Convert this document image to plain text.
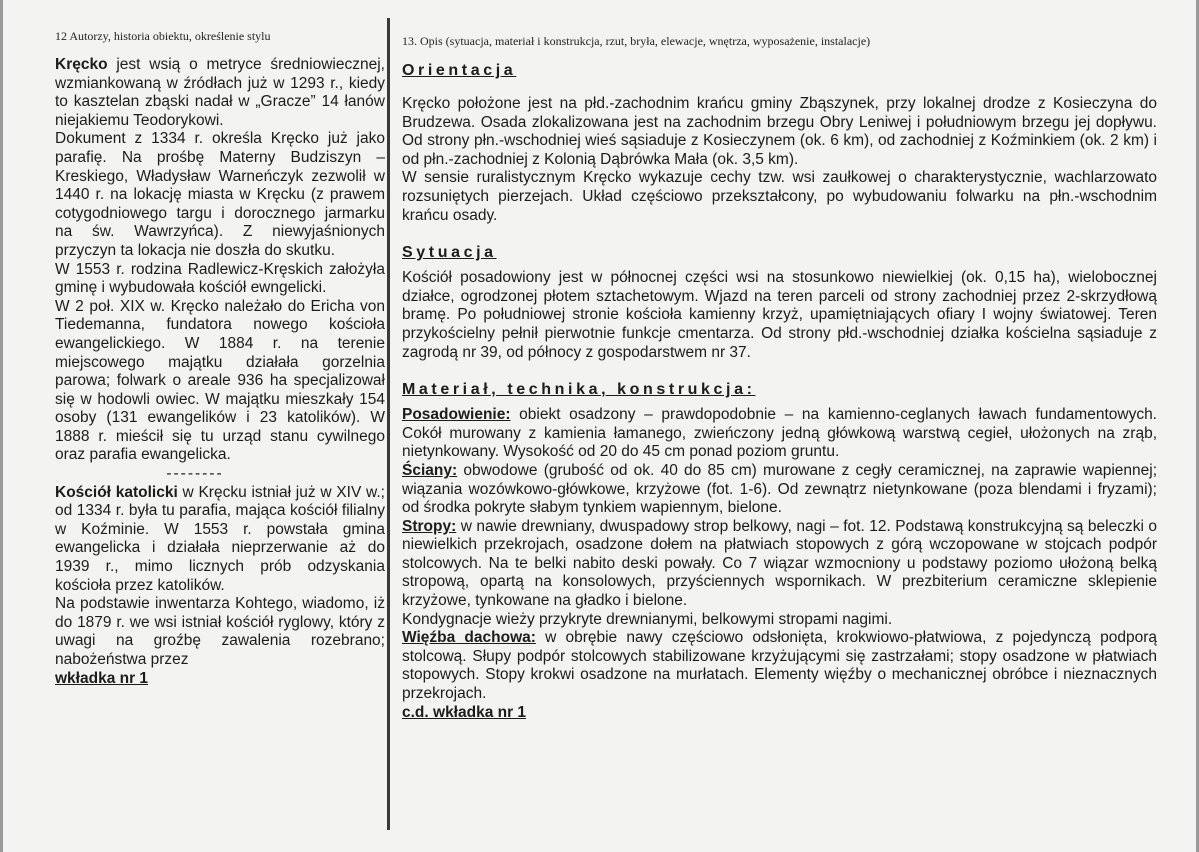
12 Autorzy, historia obiektu, określenie stylu

Kręcko jest wsią o metryce średniowiecznej, wzmiankowaną w źródłach już w 1293 r., kiedy to kasztelan zbąski nadał w „Gracze” 14 łanów niejakiemu Teodorykowi.

Dokument z 1334 r. określa Kręcko już jako parafię. Na prośbę Materny Budziszyn –Kreskiego, Władysław Warneńczyk zezwolił w 1440 r. na lokację miasta w Kręcku (z prawem cotygodniowego targu i dorocznego jarmarku na św. Wawrzyńca). Z niewyjaśnionych przyczyn ta lokacja nie doszła do skutku.

W 1553 r. rodzina Radlewicz-Kręskich założyła gminę i wybudowała kościół ewngelicki.

W 2 poł. XIX w. Kręcko należało do Ericha von Tiedemanna, fundatora nowego kościoła ewangelickiego. W 1884 r. na terenie miejscowego majątku działała gorzelnia parowa; folwark o areale 936 ha specjalizował się w hodowli owiec. W majątku mieszkały 154 osoby (131 ewangelików i 23 katolików). W 1888 r. mieścił się tu urząd stanu cywilnego oraz parafia ewangelicka.

--------

Kościół katolicki w Kręcku istniał już w XIV w.; od 1334 r. była tu parafia, mająca kościół filialny w Koźminie. W 1553 r. powstała gmina ewangelicka i działała nieprzerwanie aż do 1939 r., mimo licznych prób odzyskania kościoła przez katolików.

Na podstawie inwentarza Kohtego, wiadomo, iż do 1879 r. we wsi istniał kościół ryglowy, który z uwagi na groźbę zawalenia rozebrano; nabożeństwa przez

wkładka nr 1

13. Opis (sytuacja, materiał i konstrukcja, rzut, bryła, elewacje, wnętrza, wyposażenie, instalacje)

Orientacja

Kręcko położone jest na płd.-zachodnim krańcu gminy Zbąszynek, przy lokalnej drodze z Kosieczyna do Brudzewa. Osada zlokalizowana jest na zachodnim brzegu Obry Leniwej i południowym brzegu jej dopływu. Od strony płn.-wschodniej wieś sąsiaduje z Kosieczynem (ok. 6 km), od zachodniej z Koźminkiem (ok. 2 km) i od płn.-zachodniej z Kolonią Dąbrówka Mała (ok. 3,5 km).

W sensie ruralistycznym Kręcko wykazuje cechy tzw. wsi zaułkowej o charakterystycznie, wachlarzowato rozsuniętych pierzejach. Układ częściowo przekształcony, po wybudowaniu folwarku na płn.-wschodnim krańcu osady.

Sytuacja

Kościół posadowiony jest w północnej części wsi na stosunkowo niewielkiej (ok. 0,15 ha), wielobocznej działce, ogrodzonej płotem sztachetowym. Wjazd na teren parceli od strony zachodniej przez 2-skrzydłową bramę. Po południowej stronie kościoła kamienny krzyż, upamiętniających ofiary I wojny światowej. Teren przykościelny pełnił pierwotnie funkcje cmentarza. Od strony płd.-wschodniej działka kościelna sąsiaduje z zagrodą nr 39, od północy z gospodarstwem nr 37.

Materiał, technika, konstrukcja:

Posadowienie: obiekt osadzony – prawdopodobnie – na kamienno-ceglanych ławach fundamentowych. Cokół murowany z kamienia łamanego, zwieńczony jedną główkową warstwą cegieł, ułożonych na zrąb, nietynkowany. Wysokość od 20 do 45 cm ponad poziom gruntu.

Ściany: obwodowe (grubość od ok. 40 do 85 cm) murowane z cegły ceramicznej, na zaprawie wapiennej; wiązania wozówkowo-główkowe, krzyżowe (fot. 1-6). Od zewnątrz nietynkowane (poza blendami i fryzami); od środka pokryte słabym tynkiem wapiennym, bielone.

Stropy: w nawie drewniany, dwuspadowy strop belkowy, nagi – fot. 12. Podstawą konstrukcyjną są beleczki o niewielkich przekrojach, osadzone dołem na płatwiach stopowych z górą wczopowane w stojcach podpór stolcowych. Na te belki nabito deski powały. Co 7 wiązar wzmocniony u podstawy poziomo ułożoną belką stropową, opartą na konsolowych, przyściennych wspornikach. W prezbiterium ceramiczne sklepienie krzyżowe, tynkowane na gładko i bielone.

Kondygnacje wieży przykryte drewnianymi, belkowymi stropami nagimi.

Więźba dachowa: w obrębie nawy częściowo odsłonięta, krokwiowo-płatwiowa, z pojedynczą podporą stolcową. Słupy podpór stolcowych stabilizowane krzyżującymi się zastrzałami; stopy osadzone w płatwiach stopowych. Stopy krokwi osadzone na murłatach. Elementy więźby o mechanicznej obróbce i nieznacznych przekrojach.

c.d. wkładka nr 1
